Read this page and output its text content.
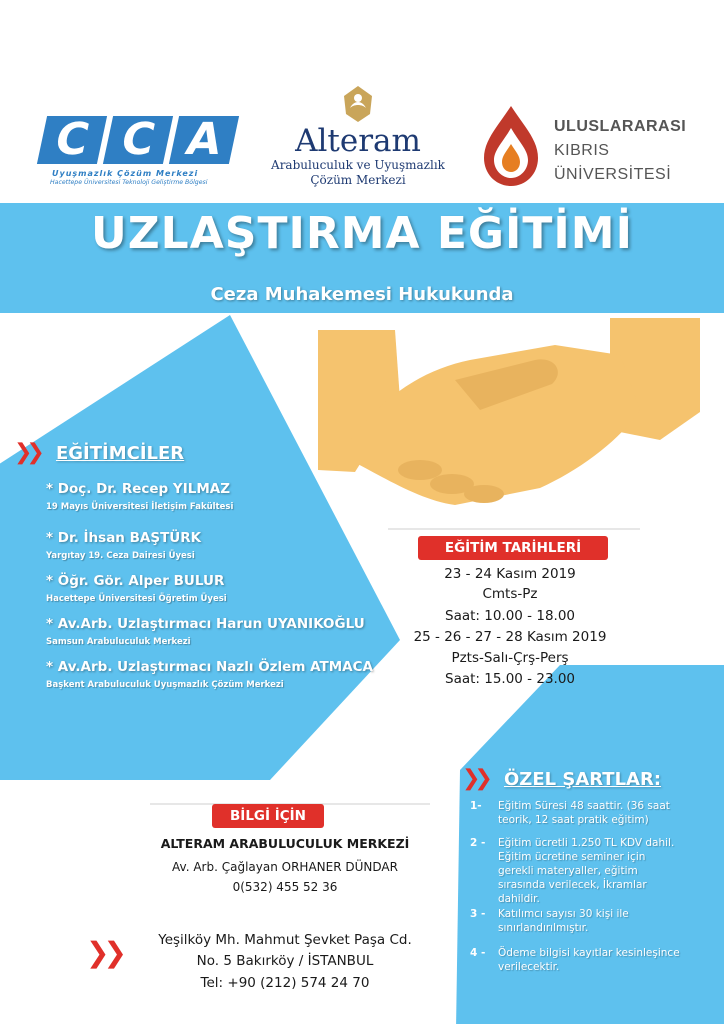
C C A
Uyuşmazlık Çözüm Merkezi
Hacettepe Üniversitesi Teknoloji Geliştirme Bölgesi
Alteram
Arabuluculuk ve Uyuşmazlık
Çözüm Merkezi
ULUSLARARASI
KIBRIS
ÜNİVERSİTESİ
UZLAŞTIRMA EĞİTİMİ
Ceza Muhakemesi Hukukunda
❯❯ EĞİTİMCİLER
* Doç. Dr. Recep YILMAZ
19 Mayıs Üniversitesi İletişim Fakültesi
* Dr. İhsan BAŞTÜRK
Yargıtay 19. Ceza Dairesi Üyesi
* Öğr. Gör. Alper BULUR
Hacettepe Üniversitesi Öğretim Üyesi
* Av.Arb. Uzlaştırmacı Harun UYANIKOĞLU
Samsun Arabuluculuk Merkezi
* Av.Arb. Uzlaştırmacı Nazlı Özlem ATMACA
Başkent Arabuluculuk Uyuşmazlık Çözüm Merkezi
EĞİTİM TARİHLERİ
23 - 24 Kasım 2019
Cmts-Pz
Saat: 10.00 - 18.00
25 - 26 - 27 - 28 Kasım 2019
Pzts-Salı-Çrş-Perş
Saat: 15.00 - 23.00
BİLGİ İÇİN
ALTERAM ARABULUCULUK MERKEZİ
Av. Arb. Çağlayan ORHANER DÜNDAR
0(532) 455 52 36
❯❯	Yeşilköy Mh. Mahmut Şevket Paşa Cd.
No. 5 Bakırköy / İSTANBUL
Tel: +90 (212) 574 24 70
❯❯ ÖZEL ŞARTLAR:
1- Eğitim Süresi 48 saattir. (36 saat teorik, 12 saat pratik eğitim)
2 - Eğitim ücretli 1.250 TL KDV dahil. Eğitim ücretine seminer için gerekli materyaller, eğitim sırasında verilecek, İkramlar dahildir.
3 - Katılımcı sayısı 30 kişi ile sınırlandırılmıştır.
4 - Ödeme bilgisi kayıtlar kesinleşince verilecektir.
